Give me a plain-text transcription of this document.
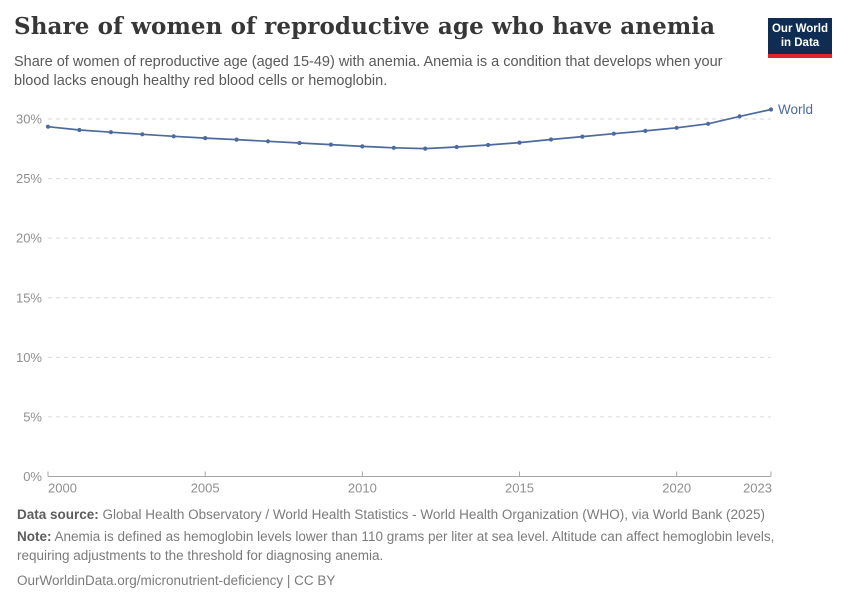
Share of women of reproductive age who have anemia	Our World
in Data

Share of women of reproductive age (aged 15-49) with anemia. Anemia is a condition that develops when your blood lacks enough healthy red blood cells or hemoglobin.

0%
5%
10%
15%
20%
25%
30%
2000	2005	2010	2015	2020	2023
World

Data source: Global Health Observatory / World Health Statistics - World Health Organization (WHO), via World Bank (2025)

Note: Anemia is defined as hemoglobin levels lower than 110 grams per liter at sea level. Altitude can affect hemoglobin levels, requiring adjustments to the threshold for diagnosing anemia.

OurWorldinData.org/micronutrient-deficiency | CC BY
